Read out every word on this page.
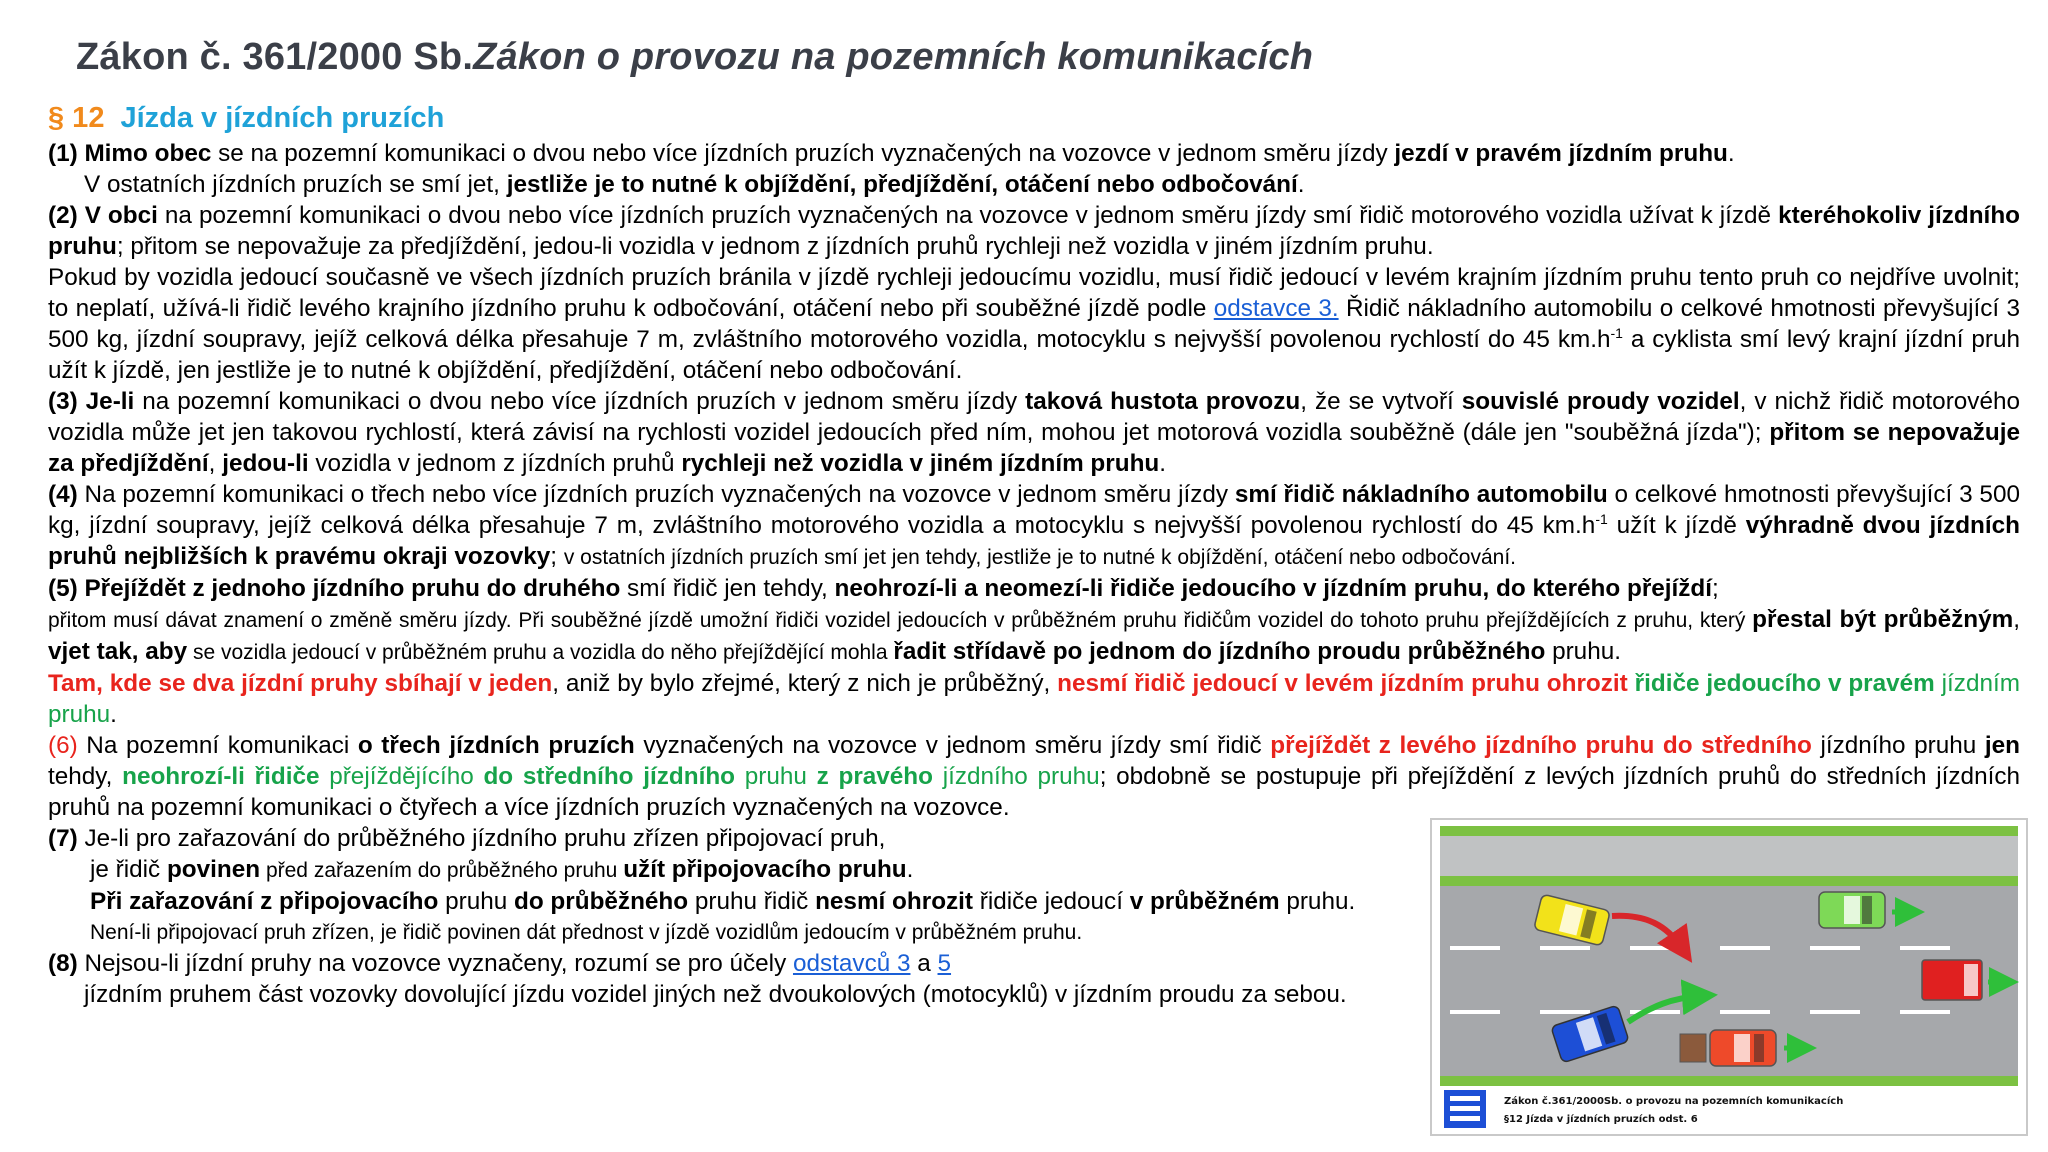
Zákon č. 361/2000 Sb.Zákon o provozu na pozemních komunikacích
§ 12 Jízda v jízdních pruzích

(1) Mimo obec se na pozemní komunikaci o dvou nebo více jízdních pruzích vyznačených na vozovce v jednom směru jízdy jezdí v pravém jízdním pruhu.

V ostatních jízdních pruzích se smí jet, jestliže je to nutné k objíždění, předjíždění, otáčení nebo odbočování.

(2) V obci na pozemní komunikaci o dvou nebo více jízdních pruzích vyznačených na vozovce v jednom směru jízdy smí řidič motorového vozidla užívat k jízdě kteréhokoliv jízdního pruhu; přitom se nepovažuje za předjíždění, jedou-li vozidla v jednom z jízdních pruhů rychleji než vozidla v jiném jízdním pruhu.

Pokud by vozidla jedoucí současně ve všech jízdních pruzích bránila v jízdě rychleji jedoucímu vozidlu, musí řidič jedoucí v levém krajním jízdním pruhu tento pruh co nejdříve uvolnit; to neplatí, užívá-li řidič levého krajního jízdního pruhu k odbočování, otáčení nebo při souběžné jízdě podle odstavce 3. Řidič nákladního automobilu o celkové hmotnosti převyšující 3 500 kg, jízdní soupravy, jejíž celková délka přesahuje 7 m, zvláštního motorového vozidla, motocyklu s nejvyšší povolenou rychlostí do 45 $km.h^{-1}$ a cyklista smí levý krajní jízdní pruh užít k jízdě, jen jestliže je to nutné k objíždění, předjíždění, otáčení nebo odbočování.

(3) Je-li na pozemní komunikaci o dvou nebo více jízdních pruzích v jednom směru jízdy taková hustota provozu, že se vytvoří souvislé proudy vozidel, v nichž řidič motorového vozidla může jet jen takovou rychlostí, která závisí na rychlosti vozidel jedoucích před ním, mohou jet motorová vozidla souběžně (dále jen "souběžná jízda"); přitom se nepovažuje za předjíždění, jedou-li vozidla v jednom z jízdních pruhů rychleji než vozidla v jiném jízdním pruhu.

(4) Na pozemní komunikaci o třech nebo více jízdních pruzích vyznačených na vozovce v jednom směru jízdy smí řidič nákladního automobilu o celkové hmotnosti převyšující 3 500 kg, jízdní soupravy, jejíž celková délka přesahuje 7 m, zvláštního motorového vozidla a motocyklu s nejvyšší povolenou rychlostí do 45 $km.h^{-1}$ užít k jízdě výhradně dvou jízdních pruhů nejbližších k pravému okraji vozovky; v ostatních jízdních pruzích smí jet jen tehdy, jestliže je to nutné k objíždění, otáčení nebo odbočování.

(5) Přejíždět z jednoho jízdního pruhu do druhého smí řidič jen tehdy, neohrozí-li a neomezí-li řidiče jedoucího v jízdním pruhu, do kterého přejíždí;

přitom musí dávat znamení o změně směru jízdy. Při souběžné jízdě umožní řidiči vozidel jedoucích v průběžném pruhu řidičům vozidel do tohoto pruhu přejíždějících z pruhu, který přestal být průběžným, vjet tak, aby se vozidla jedoucí v průběžném pruhu a vozidla do něho přejíždějící mohla řadit střídavě po jednom do jízdního proudu průběžného pruhu.

Tam, kde se dva jízdní pruhy sbíhají v jeden, aniž by bylo zřejmé, který z nich je průběžný, nesmí řidič jedoucí v levém jízdním pruhu ohrozit řidiče jedoucího v pravém jízdním pruhu.

(6) Na pozemní komunikaci o třech jízdních pruzích vyznačených na vozovce v jednom směru jízdy smí řidič přejíždět z levého jízdního pruhu do středního jízdního pruhu jen tehdy, neohrozí-li řidiče přejíždějícího do středního jízdního pruhu z pravého jízdního pruhu; obdobně se postupuje při přejíždění z levých jízdních pruhů do středních jízdních pruhů na pozemní komunikaci o čtyřech a více jízdních pruzích vyznačených na vozovce.

(7) Je-li pro zařazování do průběžného jízdního pruhu zřízen připojovací pruh,

je řidič povinen před zařazením do průběžného pruhu užít připojovacího pruhu.

Při zařazování z připojovacího pruhu do průběžného pruhu řidič nesmí ohrozit řidiče jedoucí v průběžném pruhu.

Není-li připojovací pruh zřízen, je řidič povinen dát přednost v jízdě vozidlům jedoucím v průběžném pruhu.

(8) Nejsou-li jízdní pruhy na vozovce vyznačeny, rozumí se pro účely odstavců 3 a 5

jízdním pruhem část vozovky dovolující jízdu vozidel jiných než dvoukolových (motocyklů) v jízdním proudu za sebou.

Zákon č.361/2000Sb. o provozu na pozemních komunikacích
§12 Jízda v jízdních pruzích odst. 6
